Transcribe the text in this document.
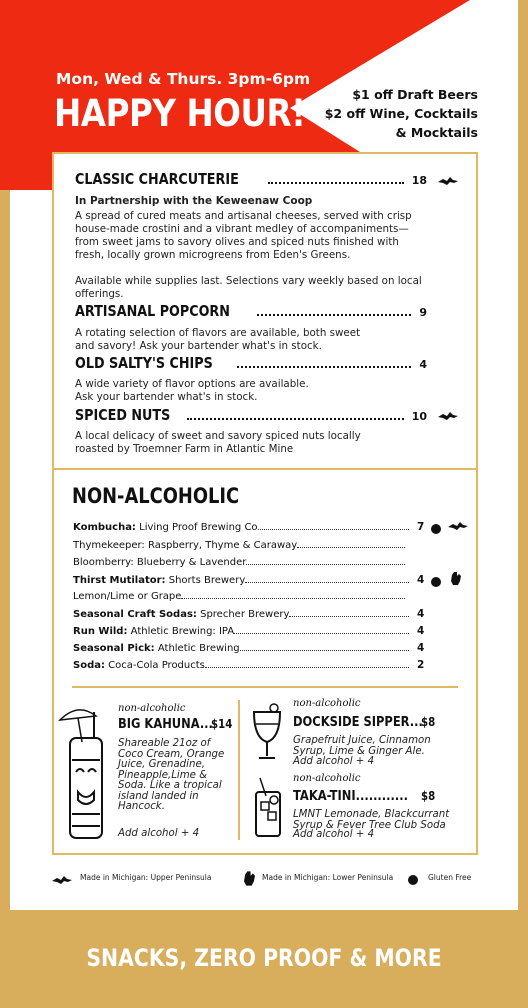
Mon, Wed & Thurs. 3pm-6pm
HAPPY HOUR!	$1 off Draft Beers
$2 off Wine, Cocktails
& Mocktails
CLASSIC CHARCUTERIE	18
In Partnership with the Keweenaw Coop
A spread of cured meats and artisanal cheeses, served with crisp house-made crostini and a vibrant medley of accompaniments—from sweet jams to savory olives and spiced nuts finished with fresh, locally grown microgreens from Eden's Greens.
Available while supplies last. Selections vary weekly based on local offerings.
ARTISANAL POPCORN	9
A rotating selection of flavors are available, both sweet and savory! Ask your bartender what's in stock.
OLD SALTY'S CHIPS	4
A wide variety of flavor options are available. Ask your bartender what's in stock.
SPICED NUTS	10
A local delicacy of sweet and savory spiced nuts locally roasted by Troemner Farm in Atlantic Mine
NON-ALCOHOLIC
Kombucha:
Living Proof Brewing Co	7
Thymekeeper: Raspberry, Thyme & Caraway
Bloomberry: Blueberry & Lavender
Thirst Mutilator:
Shorts Brewery	4
Lemon/Lime or Grape
Seasonal Craft Sodas:
Sprecher Brewery	4
Run Wild:
Athletic Brewing: IPA	4
Seasonal Pick:
Athletic Brewing	4
Soda:
Coca-Cola Products	2
non-alcoholic
BIG KAHUNA...
$14
Shareable 21oz of Coco Cream, Orange Juice, Grenadine, Pineapple,Lime & Soda. Like a tropical island landed in Hancock.
Add alcohol + 4
non-alcoholic
DOCKSIDE SIPPER...
$8
Grapefruit Juice, Cinnamon Syrup, Lime & Ginger Ale.
Add alcohol + 4
non-alcoholic
TAKA-TINI............ $8
LMNT Lemonade, Blackcurrant Syrup & Fever Tree Club Soda
Add alcohol + 4
Made in Michigan: Upper Peninsula	Made in Michigan: Lower Peninsula	Gluten Free
SNACKS, ZERO PROOF & MORE
